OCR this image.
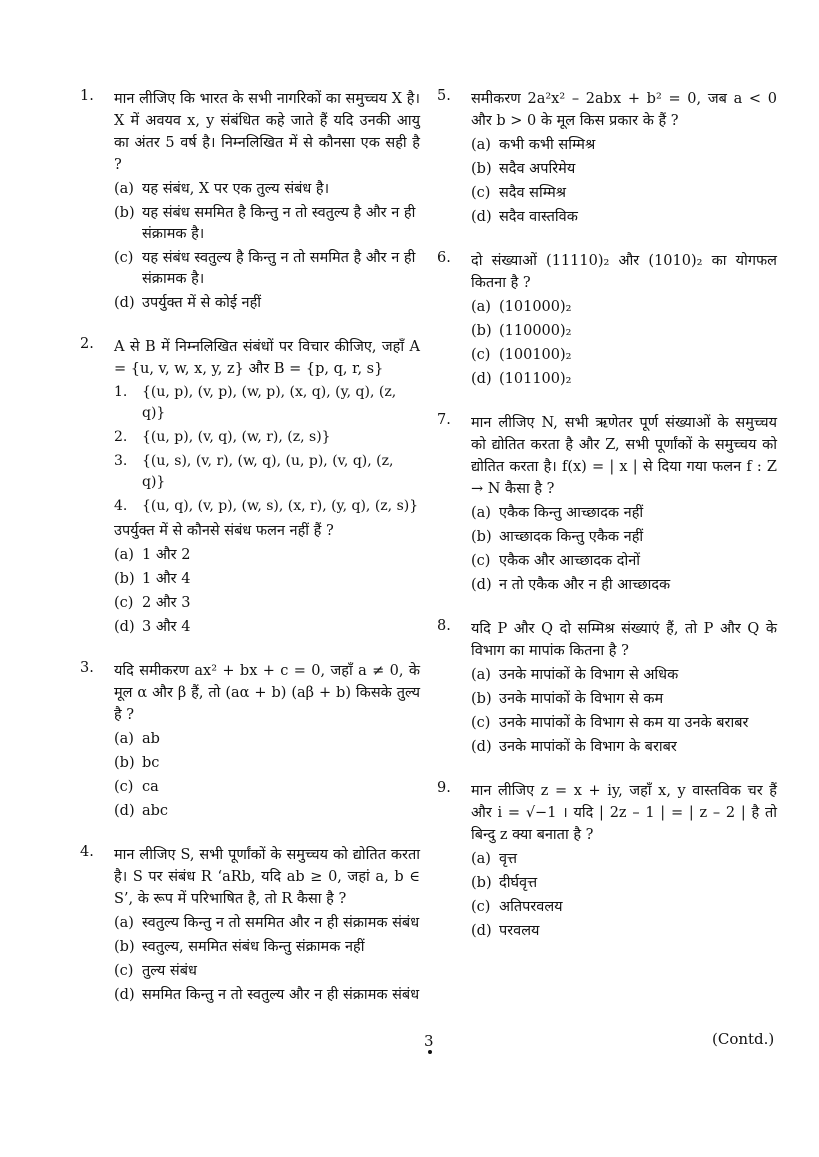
1. मान लीजिए कि भारत के सभी नागरिकों का समुच्चय X है। X में अवयव x, y संबंधित कहे जाते हैं यदि उनकी आयु का अंतर 5 वर्ष है। निम्नलिखित में से कौनसा एक सही है ?
(a) यह संबंध, X पर एक तुल्य संबंध है।
(b) यह संबंध सममित है किन्तु न तो स्वतुल्य है और न ही संक्रामक है।
(c) यह संबंध स्वतुल्य है किन्तु न तो सममित है और न ही संक्रामक है।
(d) उपर्युक्त में से कोई नहीं
2. A से B में निम्नलिखित संबंधों पर विचार कीजिए, जहाँ A = {u, v, w, x, y, z} और B = {p, q, r, s}
1.	{(u, p), (v, p), (w, p), (x, q), (y, q), (z, q)}
2.	{(u, p), (v, q), (w, r), (z, s)}
3.	{(u, s), (v, r), (w, q), (u, p), (v, q), (z, q)}
4.	{(u, q), (v, p), (w, s), (x, r), (y, q), (z, s)}
उपर्युक्त में से कौनसे संबंध फलन नहीं हैं ?
(a) 1 और 2
(b) 1 और 4
(c) 2 और 3
(d) 3 और 4
3. यदि समीकरण ax² + bx + c = 0, जहाँ a ≠ 0, के मूल α और β हैं, तो (aα + b) (aβ + b) किसके तुल्य है ?
(a) ab
(b) bc
(c) ca
(d) abc
4. मान लीजिए S, सभी पूर्णांकों के समुच्चय को द्योतित करता है। S पर संबंध R ‘aRb, यदि ab ≥ 0, जहां a, b ∈ S’, के रूप में परिभाषित है, तो R कैसा है ?
(a) स्वतुल्य किन्तु न तो सममित और न ही संक्रामक संबंध
(b) स्वतुल्य, सममित संबंध किन्तु संक्रामक नहीं
(c) तुल्य संबंध
(d) सममित किन्तु न तो स्वतुल्य और न ही संक्रामक संबंध
5. समीकरण 2a²x² – 2abx + b² = 0, जब a < 0 और b > 0 के मूल किस प्रकार के हैं ?
(a) कभी कभी सम्मिश्र
(b) सदैव अपरिमेय
(c) सदैव सम्मिश्र
(d) सदैव वास्तविक
6. दो संख्याओं (11110)₂ और (1010)₂ का योगफल कितना है ?
(a) (101000)₂
(b) (110000)₂
(c) (100100)₂
(d) (101100)₂
7. मान लीजिए N, सभी ऋणेतर पूर्ण संख्याओं के समुच्चय को द्योतित करता है और Z, सभी पूर्णांकों के समुच्चय को द्योतित करता है। f(x) = | x | से दिया गया फलन f : Z → N कैसा है ?
(a) एकैक किन्तु आच्छादक नहीं
(b) आच्छादक किन्तु एकैक नहीं
(c) एकैक और आच्छादक दोनों
(d) न तो एकैक और न ही आच्छादक
8. यदि P और Q दो सम्मिश्र संख्याएं हैं, तो P और Q के विभाग का मापांक कितना है ?
(a) उनके मापांकों के विभाग से अधिक
(b) उनके मापांकों के विभाग से कम
(c) उनके मापांकों के विभाग से कम या उनके बराबर
(d) उनके मापांकों के विभाग के बराबर
9. मान लीजिए z = x + iy, जहाँ x, y वास्तविक चर हैं और i = √−1 । यदि | 2z – 1 | = | z – 2 | है तो बिन्दु z क्या बनाता है ?
(a) वृत्त
(b) दीर्घवृत्त
(c) अतिपरवलय
(d) परवलय
3	(Contd.)
